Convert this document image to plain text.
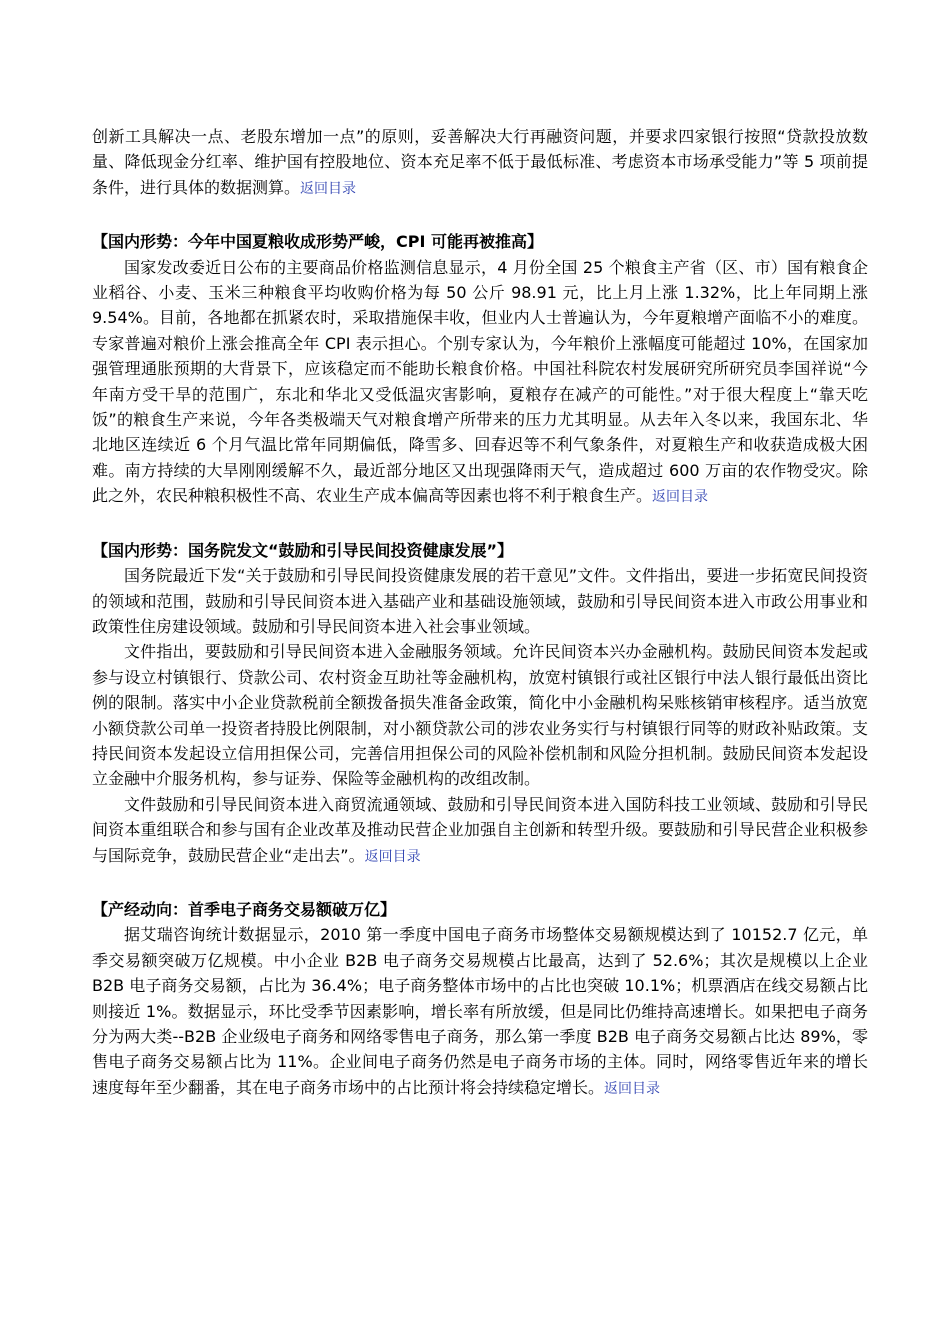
创新工具解决一点、老股东增加一点”的原则，妥善解决大行再融资问题，并要求四家银行按照“贷款投放数量、降低现金分红率、维护国有控股地位、资本充足率不低于最低标准、考虑资本市场承受能力”等 5 项前提条件，进行具体的数据测算。返回目录

【国内形势：今年中国夏粮收成形势严峻，CPI 可能再被推高】

国家发改委近日公布的主要商品价格监测信息显示，4 月份全国 25 个粮食主产省（区、市）国有粮食企业稻谷、小麦、玉米三种粮食平均收购价格为每 50 公斤 98.91 元，比上月上涨 1.32%，比上年同期上涨 9.54%。目前，各地都在抓紧农时，采取措施保丰收，但业内人士普遍认为，今年夏粮增产面临不小的难度。专家普遍对粮价上涨会推高全年 CPI 表示担心。个别专家认为，今年粮价上涨幅度可能超过 10%，在国家加强管理通胀预期的大背景下，应该稳定而不能助长粮食价格。中国社科院农村发展研究所研究员李国祥说“今年南方受干旱的范围广，东北和华北又受低温灾害影响，夏粮存在减产的可能性。”对于很大程度上“靠天吃饭”的粮食生产来说，今年各类极端天气对粮食增产所带来的压力尤其明显。从去年入冬以来，我国东北、华北地区连续近 6 个月气温比常年同期偏低，降雪多、回春迟等不利气象条件，对夏粮生产和收获造成极大困难。南方持续的大旱刚刚缓解不久，最近部分地区又出现强降雨天气，造成超过 600 万亩的农作物受灾。除此之外，农民种粮积极性不高、农业生产成本偏高等因素也将不利于粮食生产。返回目录

【国内形势：国务院发文“鼓励和引导民间投资健康发展”】

国务院最近下发“关于鼓励和引导民间投资健康发展的若干意见”文件。文件指出，要进一步拓宽民间投资的领域和范围，鼓励和引导民间资本进入基础产业和基础设施领域，鼓励和引导民间资本进入市政公用事业和政策性住房建设领域。鼓励和引导民间资本进入社会事业领域。

文件指出，要鼓励和引导民间资本进入金融服务领域。允许民间资本兴办金融机构。鼓励民间资本发起或参与设立村镇银行、贷款公司、农村资金互助社等金融机构，放宽村镇银行或社区银行中法人银行最低出资比例的限制。落实中小企业贷款税前全额拨备损失准备金政策，简化中小金融机构呆账核销审核程序。适当放宽小额贷款公司单一投资者持股比例限制，对小额贷款公司的涉农业务实行与村镇银行同等的财政补贴政策。支持民间资本发起设立信用担保公司，完善信用担保公司的风险补偿机制和风险分担机制。鼓励民间资本发起设立金融中介服务机构，参与证券、保险等金融机构的改组改制。

文件鼓励和引导民间资本进入商贸流通领域、鼓励和引导民间资本进入国防科技工业领域、鼓励和引导民间资本重组联合和参与国有企业改革及推动民营企业加强自主创新和转型升级。要鼓励和引导民营企业积极参与国际竞争，鼓励民营企业“走出去”。返回目录

【产经动向：首季电子商务交易额破万亿】

据艾瑞咨询统计数据显示，2010 第一季度中国电子商务市场整体交易额规模达到了 10152.7 亿元，单季交易额突破万亿规模。中小企业 B2B 电子商务交易规模占比最高，达到了 52.6%；其次是规模以上企业 B2B 电子商务交易额，占比为 36.4%；电子商务整体市场中的占比也突破 10.1%；机票酒店在线交易额占比则接近 1%。数据显示，环比受季节因素影响，增长率有所放缓，但是同比仍维持高速增长。如果把电子商务分为两大类--B2B 企业级电子商务和网络零售电子商务，那么第一季度 B2B 电子商务交易额占比达 89%，零售电子商务交易额占比为 11%。企业间电子商务仍然是电子商务市场的主体。同时，网络零售近年来的增长速度每年至少翻番，其在电子商务市场中的占比预计将会持续稳定增长。返回目录
